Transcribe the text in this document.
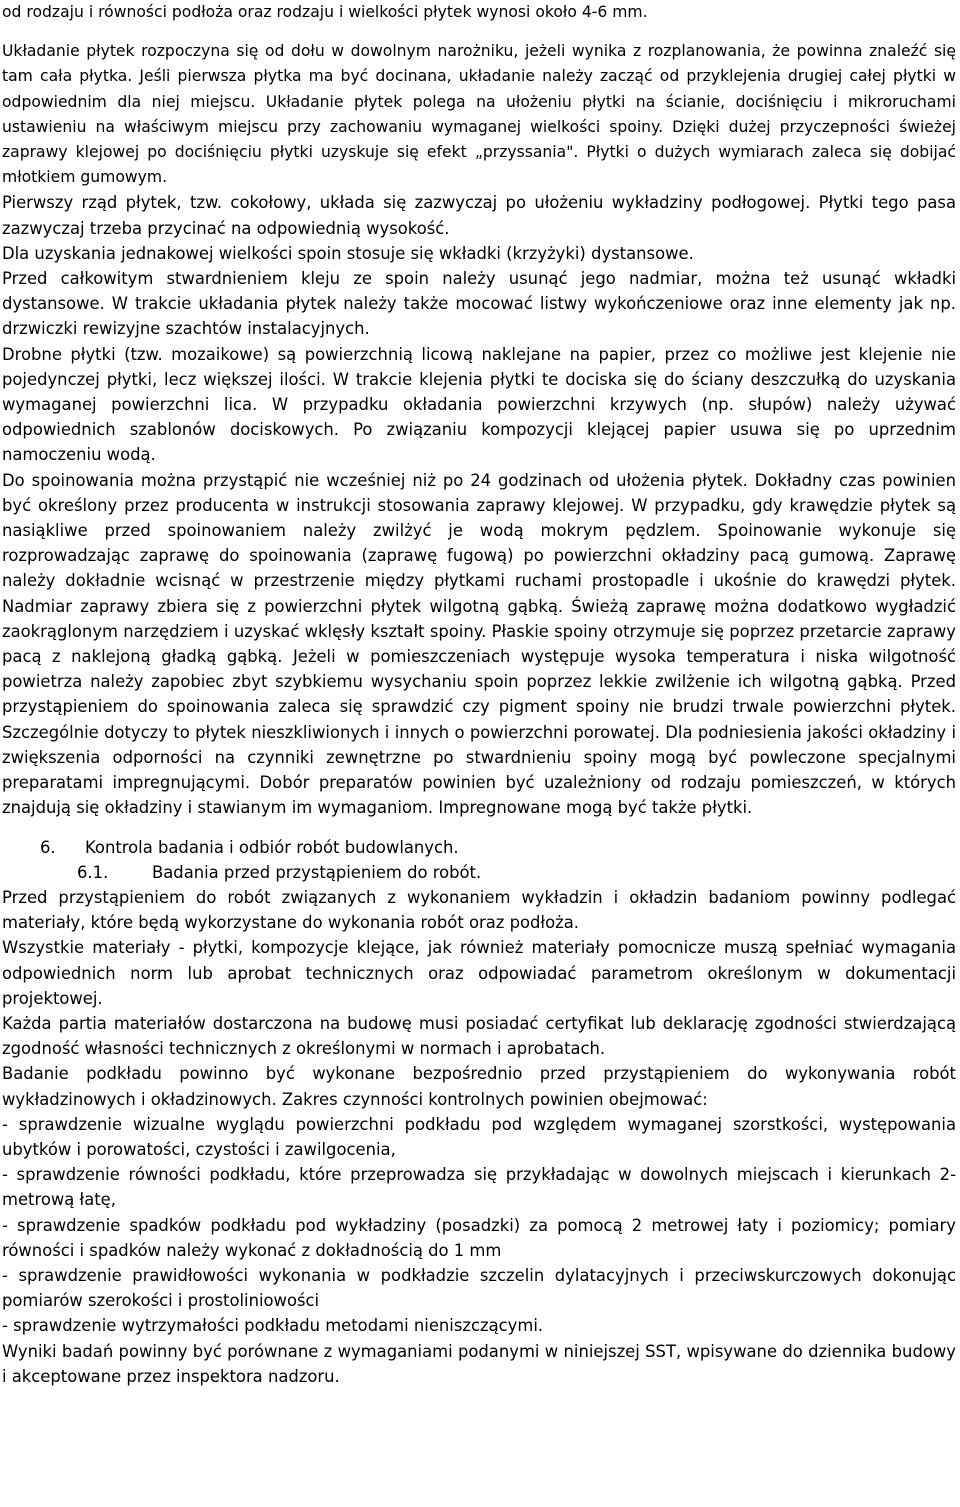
od rodzaju i równości podłoża oraz rodzaju i wielkości płytek wynosi około 4-6 mm.

Układanie płytek rozpoczyna się od dołu w dowolnym narożniku, jeżeli wynika z rozplanowania, że powinna znaleźć się tam cała płytka. Jeśli pierwsza płytka ma być docinana, układanie należy zacząć od przyklejenia drugiej całej płytki w odpowiednim dla niej miejscu. Układanie płytek polega na ułożeniu płytki na ścianie, dociśnięciu i mikroruchami ustawieniu na właściwym miejscu przy zachowaniu wymaganej wielkości spoiny. Dzięki dużej przyczepności świeżej zaprawy klejowej po dociśnięciu płytki uzyskuje się efekt „przyssania". Płytki o dużych wymiarach zaleca się dobijać młotkiem gumowym.

Pierwszy rząd płytek, tzw. cokołowy, układa się zazwyczaj po ułożeniu wykładziny podłogowej. Płytki tego pasa zazwyczaj trzeba przycinać na odpowiednią wysokość.

Dla uzyskania jednakowej wielkości spoin stosuje się wkładki (krzyżyki) dystansowe.

Przed całkowitym stwardnieniem kleju ze spoin należy usunąć jego nadmiar, można też usunąć wkładki dystansowe. W trakcie układania płytek należy także mocować listwy wykończeniowe oraz inne elementy jak np. drzwiczki rewizyjne szachtów instalacyjnych.

Drobne płytki (tzw. mozaikowe) są powierzchnią licową naklejane na papier, przez co możliwe jest klejenie nie pojedynczej płytki, lecz większej ilości. W trakcie klejenia płytki te dociska się do ściany deszczułką do uzyskania wymaganej powierzchni lica. W przypadku okładania powierzchni krzywych (np. słupów) należy używać odpowiednich szablonów dociskowych. Po związaniu kompozycji klejącej papier usuwa się po uprzednim namoczeniu wodą.

Do spoinowania można przystąpić nie wcześniej niż po 24 godzinach od ułożenia płytek. Dokładny czas powinien być określony przez producenta w instrukcji stosowania zaprawy klejowej. W przypadku, gdy krawędzie płytek są nasiąkliwe przed spoinowaniem należy zwilżyć je wodą mokrym pędzlem. Spoinowanie wykonuje się rozprowadzając zaprawę do spoinowania (zaprawę fugową) po powierzchni okładziny pacą gumową. Zaprawę należy dokładnie wcisnąć w przestrzenie między płytkami ruchami prostopadle i ukośnie do krawędzi płytek. Nadmiar zaprawy zbiera się z powierzchni płytek wilgotną gąbką. Świeżą zaprawę można dodatkowo wygładzić zaokrąglonym narzędziem i uzyskać wklęsły kształt spoiny. Płaskie spoiny otrzymuje się poprzez przetarcie zaprawy pacą z naklejoną gładką gąbką. Jeżeli w pomieszczeniach występuje wysoka temperatura i niska wilgotność powietrza należy zapobiec zbyt szybkiemu wysychaniu spoin poprzez lekkie zwilżenie ich wilgotną gąbką. Przed przystąpieniem do spoinowania zaleca się sprawdzić czy pigment spoiny nie brudzi trwale powierzchni płytek. Szczególnie dotyczy to płytek nieszkliwionych i innych o powierzchni porowatej. Dla podniesienia jakości okładziny i zwiększenia odporności na czynniki zewnętrzne po stwardnieniu spoiny mogą być powleczone specjalnymi preparatami impregnującymi. Dobór preparatów powinien być uzależniony od rodzaju pomieszczeń, w których znajdują się okładziny i stawianym im wymaganiom. Impregnowane mogą być także płytki.

6.	Kontrola badania i odbiór robót budowlanych.
6.1.	Badania przed przystąpieniem do robót.

Przed przystąpieniem do robót związanych z wykonaniem wykładzin i okładzin badaniom powinny podlegać materiały, które będą wykorzystane do wykonania robót oraz podłoża.

Wszystkie materiały - płytki, kompozycje klejące, jak również materiały pomocnicze muszą spełniać wymagania odpowiednich norm lub aprobat technicznych oraz odpowiadać parametrom określonym w dokumentacji projektowej.

Każda partia materiałów dostarczona na budowę musi posiadać certyfikat lub deklarację zgodności stwierdzającą zgodność własności technicznych z określonymi w normach i aprobatach.

Badanie podkładu powinno być wykonane bezpośrednio przed przystąpieniem do wykonywania robót wykładzinowych i okładzinowych. Zakres czynności kontrolnych powinien obejmować:

- sprawdzenie wizualne wyglądu powierzchni podkładu pod względem wymaganej szorstkości, występowania ubytków i porowatości, czystości i zawilgocenia,

- sprawdzenie równości podkładu, które przeprowadza się przykładając w dowolnych miejscach i kierunkach 2-metrową łatę,

- sprawdzenie spadków podkładu pod wykładziny (posadzki) za pomocą 2 metrowej łaty i poziomicy; pomiary równości i spadków należy wykonać z dokładnością do 1 mm

- sprawdzenie prawidłowości wykonania w podkładzie szczelin dylatacyjnych i przeciwskurczowych dokonując pomiarów szerokości i prostoliniowości

- sprawdzenie wytrzymałości podkładu metodami nieniszczącymi.

Wyniki badań powinny być porównane z wymaganiami podanymi w niniejszej SST, wpisywane do dziennika budowy i akceptowane przez inspektora nadzoru.
